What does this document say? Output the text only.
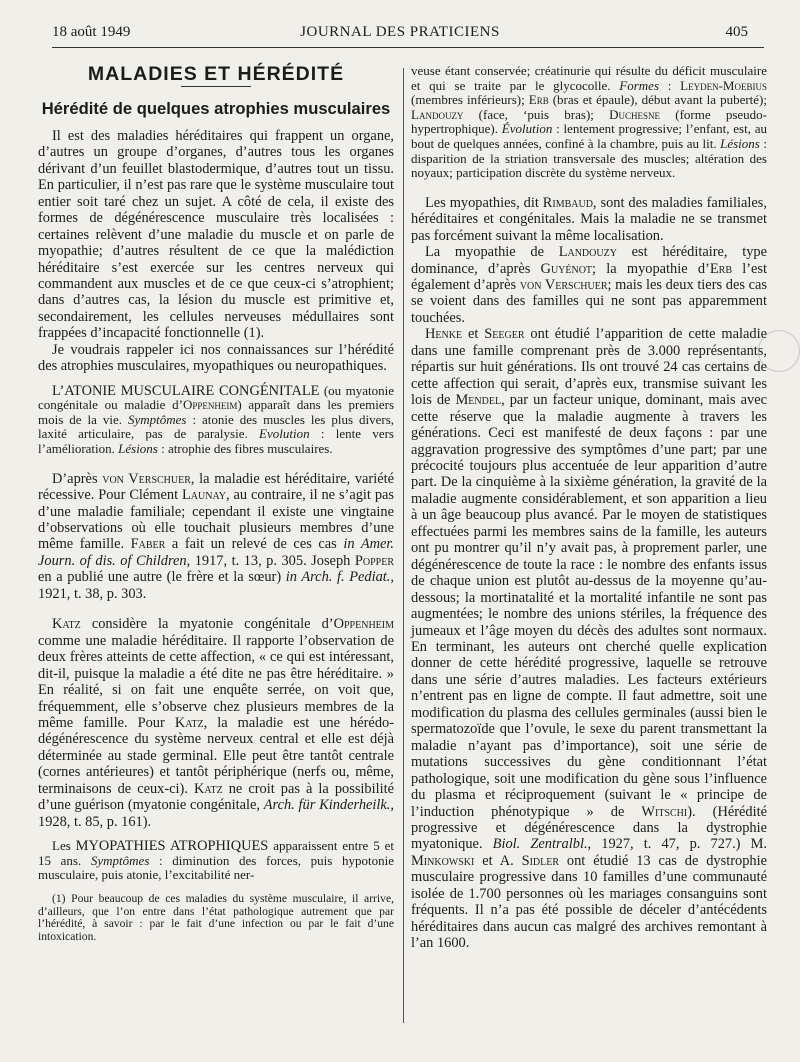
18 août 1949	JOURNAL DES PRATICIENS	405
MALADIES ET HÉRÉDITÉ
Hérédité de quelques atrophies musculaires

Il est des maladies héréditaires qui frappent un organe, d’autres un groupe d’organes, d’autres tous les organes dérivant d’un feuillet blastodermique, d’autres tout un tissu. En particulier, il n’est pas rare que le système musculaire tout entier soit taré chez un sujet. A côté de cela, il existe des formes de dégénérescence musculaire très localisées : certaines relèvent d’une maladie du muscle et on parle de myopathie; d’autres résultent de ce que la malédiction héréditaire s’est exercée sur les centres nerveux qui commandent aux muscles et de ce que ceux-ci s’atrophient; dans d’autres cas, la lésion du muscle est primitive et, secondairement, les cellules nerveuses médullaires sont frappées d’incapacité fonctionnelle (1).

Je voudrais rappeler ici nos connaissances sur l’hérédité des atrophies musculaires, myopathiques ou neuropathiques.

L’ATONIE MUSCULAIRE CONGÉNITALE (ou myatonie congénitale ou maladie d’Oppenheim) apparaît dans les premiers mois de la vie. Symptômes : atonie des muscles les plus divers, laxité articulaire, pas de paralysie. Evolution : lente vers l’amélioration. Lésions : atrophie des fibres musculaires.

D’après von Verschuer, la maladie est héréditaire, variété récessive. Pour Clément Launay, au contraire, il ne s’agit pas d’une maladie familiale; cependant il existe une vingtaine d’observations où elle touchait plusieurs membres d’une même famille. Faber a fait un relevé de ces cas in Amer. Journ. of dis. of Children, 1917, t. 13, p. 305. Joseph Popper en a publié une autre (le frère et la sœur) in Arch. f. Pediat., 1921, t. 38, p. 303.

Katz considère la myatonie congénitale d’Oppenheim comme une maladie héréditaire. Il rapporte l’observation de deux frères atteints de cette affection, « ce qui est intéressant, dit-il, puisque la maladie a été dite ne pas être héréditaire. » En réalité, si on fait une enquête serrée, on voit que, fréquemment, elle s’observe chez plusieurs membres de la même famille. Pour Katz, la maladie est une hérédo-dégénérescence du système nerveux central et elle est déjà déterminée au stade germinal. Elle peut être tantôt centrale (cornes antérieures) et tantôt périphérique (nerfs ou, même, terminaisons de ceux-ci). Katz ne croit pas à la possibilité d’une guérison (myatonie congénitale, Arch. für Kinderheilk., 1928, t. 85, p. 161).

Les MYOPATHIES ATROPHIQUES apparaissent entre 5 et 15 ans. Symptômes : diminution des forces, puis hypotonie musculaire, puis atonie, l’excitabilité ner-

(1) Pour beaucoup de ces maladies du système musculaire, il arrive, d’ailleurs, que l’on entre dans l’état pathologique autrement que par l’hérédité, à savoir : par le fait d’une infection ou par le fait d’une intoxication.

veuse étant conservée; créatinurie qui résulte du déficit musculaire et qui se traite par le glycocolle. Formes : Leyden-Moebius (membres inférieurs); Erb (bras et épaule), début avant la puberté); Landouzy (face, ‘puis bras); Duchesne (forme pseudo-hypertrophique). Évolution : lentement progressive; l’enfant, est, au bout de quelques années, confiné à la chambre, puis au lit. Lésions : disparition de la striation transversale des muscles; altération des noyaux; participation discrète du système nerveux.

Les myopathies, dit Rimbaud, sont des maladies familiales, héréditaires et congénitales. Mais la maladie ne se transmet pas forcément suivant la même localisation.

La myopathie de Landouzy est héréditaire, type dominance, d’après Guyénot; la myopathie d’Erb l’est également d’après von Verschuer; mais les deux tiers des cas se voient dans des familles qui ne sont pas apparemment touchées.

Henke et Seeger ont étudié l’apparition de cette maladie dans une famille comprenant près de 3.000 représentants, répartis sur huit générations. Ils ont trouvé 24 cas certains de cette affection qui serait, d’après eux, transmise suivant les lois de Mendel, par un facteur unique, dominant, mais avec cette réserve que la maladie augmente à travers les générations. Ceci est manifesté de deux façons : par une aggravation progressive des symptômes d’une part; par une précocité toujours plus accentuée de leur apparition d’autre part. De la cinquième à la sixième génération, la gravité de la maladie augmente considérablement, et son apparition a lieu à un âge beaucoup plus avancé. Par le moyen de statistiques effectuées parmi les membres sains de la famille, les auteurs ont pu montrer qu’il n’y avait pas, à proprement parler, une dégénérescence de toute la race : le nombre des enfants issus de chaque union est plutôt au-dessus de la moyenne qu’au-dessous; la mortinatalité et la mortalité infantile ne sont pas augmentées; le nombre des unions stériles, la fréquence des jumeaux et l’âge moyen du décès des adultes sont normaux. En terminant, les auteurs ont cherché quelle explication donner de cette hérédité progressive, laquelle se retrouve dans une série d’autres maladies. Les facteurs extérieurs n’entrent pas en ligne de compte. Il faut admettre, soit une modification du plasma des cellules germinales (aussi bien le spermatozoïde que l’ovule, le sexe du parent transmettant la maladie n’ayant pas d’importance), soit une série de mutations successives du gène conditionnant l’état pathologique, soit une modification du gène sous l’influence du plasma et réciproquement (suivant le « principe de l’induction phénotypique » de Witschi). (Hérédité progressive et dégénérescence dans la dystrophie myatonique. Biol. Zentralbl., 1927, t. 47, p. 727.) M. Minkowski et A. Sidler ont étudié 13 cas de dystrophie musculaire progressive dans 10 familles d’une communauté isolée de 1.700 personnes où les mariages consanguins sont fréquents. Il n’a pas été possible de déceler d’antécédents héréditaires dans aucun cas malgré des archives remontant à l’an 1600.
